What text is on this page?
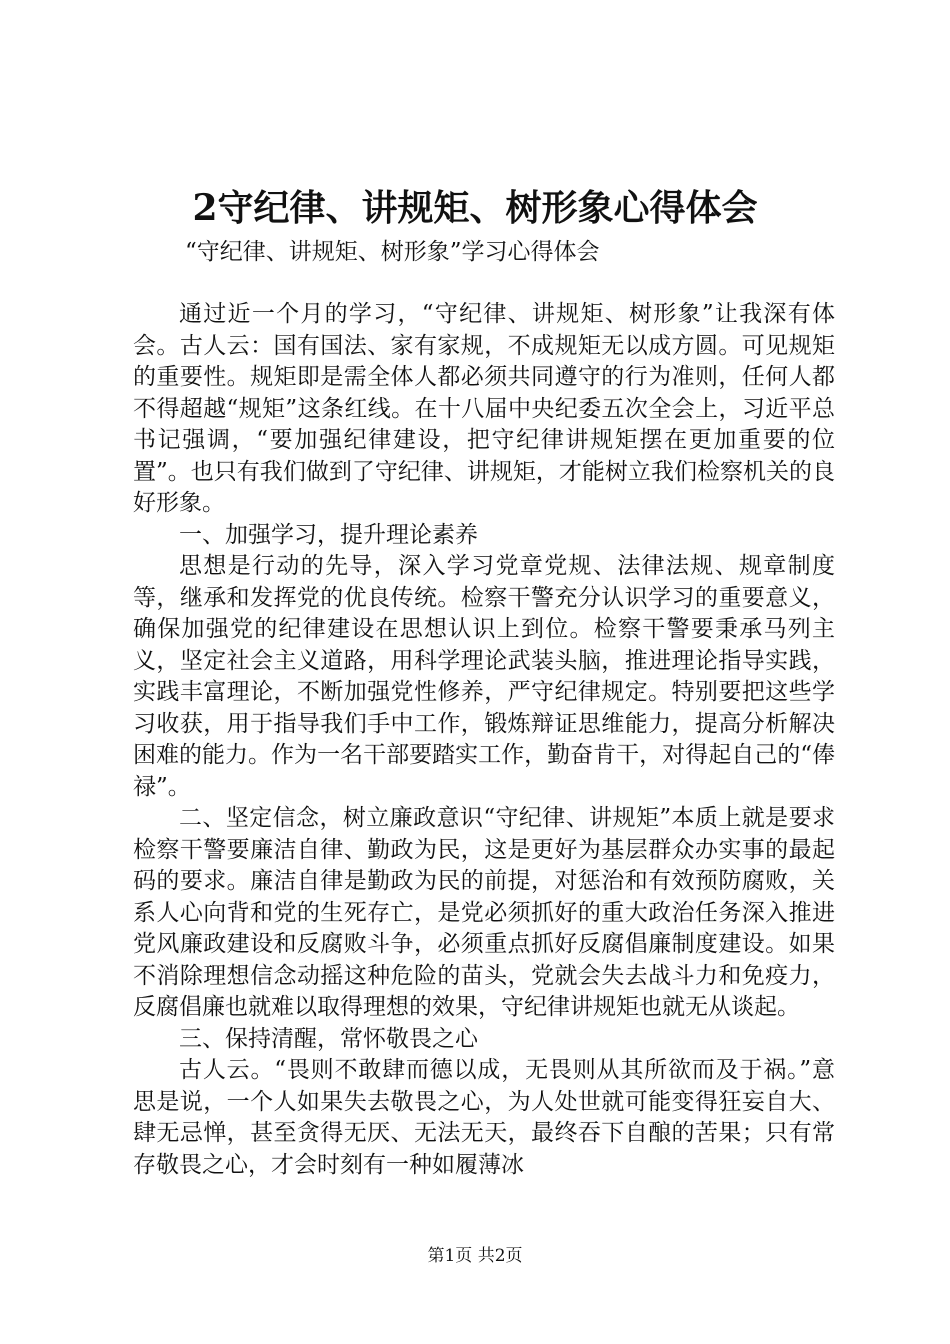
2守纪律、讲规矩、树形象心得体会
“守纪律、讲规矩、树形象”学习心得体会

通过近一个月的学习，“守纪律、讲规矩、树形象”让我深有体会。古人云：国有国法、家有家规，不成规矩无以成方圆。可见规矩的重要性。规矩即是需全体人都必须共同遵守的行为准则，任何人都不得超越“规矩”这条红线。在十八届中央纪委五次全会上，习近平总书记强调，“要加强纪律建设，把守纪律讲规矩摆在更加重要的位置”。也只有我们做到了守纪律、讲规矩，才能树立我们检察机关的良好形象。

一、加强学习，提升理论素养

思想是行动的先导，深入学习党章党规、法律法规、规章制度等，继承和发挥党的优良传统。检察干警充分认识学习的重要意义，确保加强党的纪律建设在思想认识上到位。检察干警要秉承马列主义，坚定社会主义道路，用科学理论武装头脑，推进理论指导实践，实践丰富理论，不断加强党性修养，严守纪律规定。特别要把这些学习收获，用于指导我们手中工作，锻炼辩证思维能力，提高分析解决困难的能力。作为一名干部要踏实工作，勤奋肯干，对得起自己的“俸禄”。

二、坚定信念，树立廉政意识“守纪律、讲规矩”本质上就是要求检察干警要廉洁自律、勤政为民，这是更好为基层群众办实事的最起码的要求。廉洁自律是勤政为民的前提，对惩治和有效预防腐败，关系人心向背和党的生死存亡，是党必须抓好的重大政治任务深入推进党风廉政建设和反腐败斗争，必须重点抓好反腐倡廉制度建设。如果不消除理想信念动摇这种危险的苗头，党就会失去战斗力和免疫力，反腐倡廉也就难以取得理想的效果，守纪律讲规矩也就无从谈起。

三、保持清醒，常怀敬畏之心

古人云。“畏则不敢肆而德以成，无畏则从其所欲而及于祸。”意思是说，一个人如果失去敬畏之心，为人处世就可能变得狂妄自大、肆无忌惮，甚至贪得无厌、无法无天，最终吞下自酿的苦果；只有常存敬畏之心，才会时刻有一种如履薄冰

第1页 共2页
